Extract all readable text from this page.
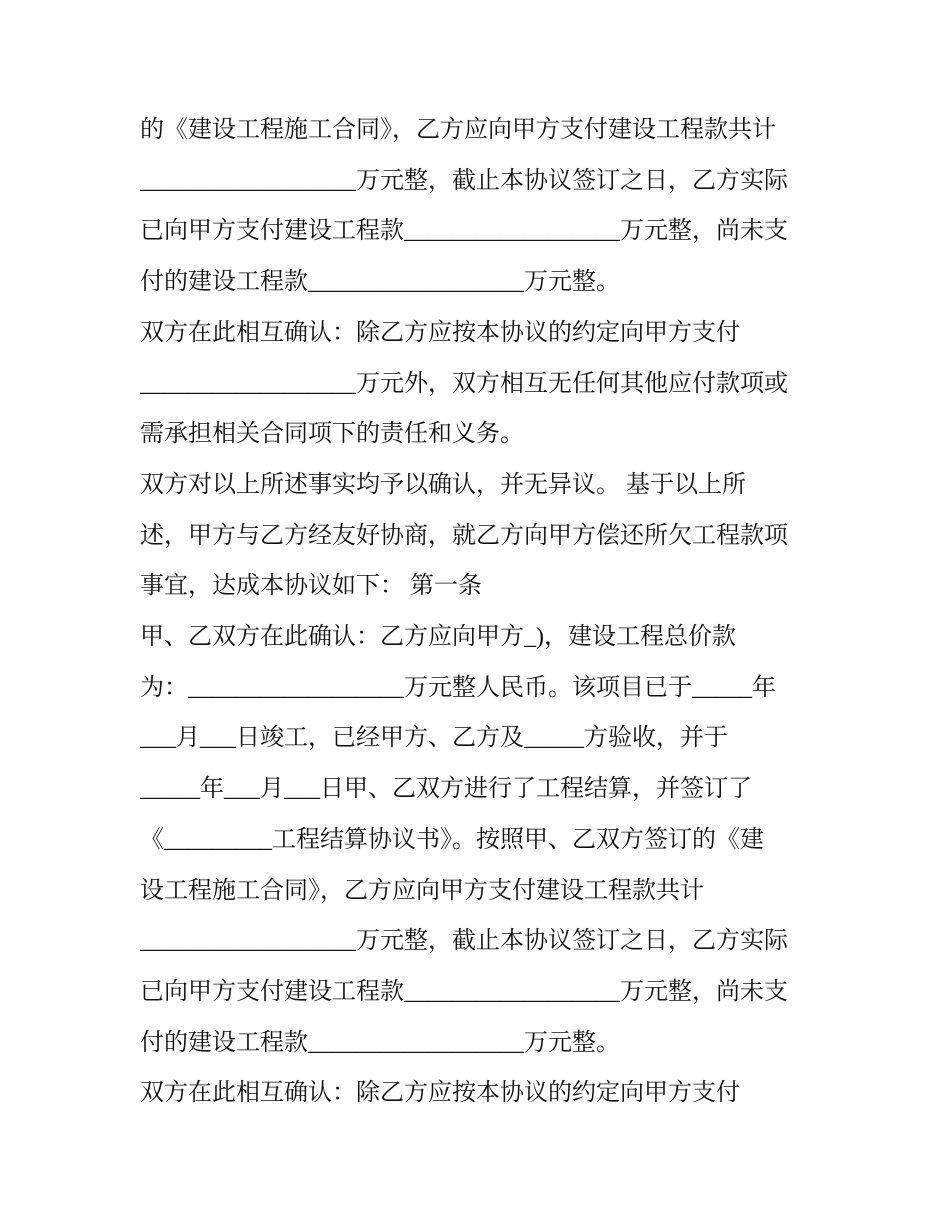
的《建设工程施工合同》，乙方应向甲方支付建设工程款共计
__________________万元整，截止本协议签订之日，乙方实际
已向甲方支付建设工程款__________________万元整，尚未支
付的建设工程款__________________万元整。
双方在此相互确认：除乙方应按本协议的约定向甲方支付
__________________万元外，双方相互无任何其他应付款项或
需承担相关合同项下的责任和义务。
双方对以上所述事实均予以确认，并无异议。 基于以上所
述，甲方与乙方经友好协商，就乙方向甲方偿还所欠工程款项
事宜，达成本协议如下： 第一条
甲、乙双方在此确认：乙方应向甲方_)，建设工程总价款
为：__________________万元整人民币。该项目已于_____年
___月___日竣工，已经甲方、乙方及_____方验收，并于
_____年___月___日甲、乙双方进行了工程结算，并签订了
《_________工程结算协议书》。按照甲、乙双方签订的《建
设工程施工合同》，乙方应向甲方支付建设工程款共计
__________________万元整，截止本协议签订之日，乙方实际
已向甲方支付建设工程款__________________万元整，尚未支
付的建设工程款__________________万元整。
双方在此相互确认：除乙方应按本协议的约定向甲方支付
